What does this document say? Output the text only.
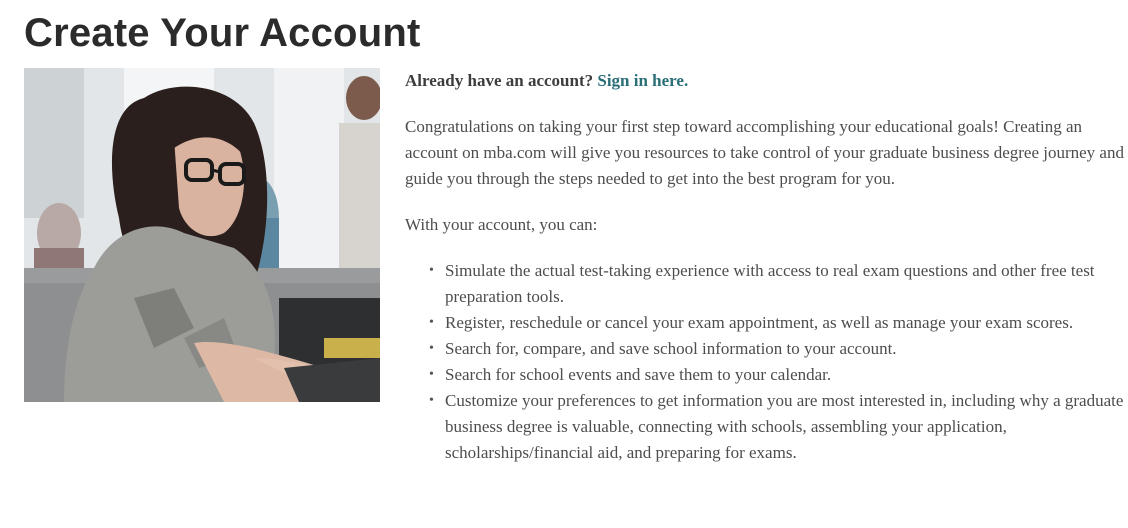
Create Your Account

Already have an account? Sign in here.

Congratulations on taking your first step toward accomplishing your educational goals! Creating an account on mba.com will give you resources to take control of your graduate business degree journey and guide you through the steps needed to get into the best program for you.

With your account, you can:

• Simulate the actual test-taking experience with access to real exam questions and other free test preparation tools.
• Register, reschedule or cancel your exam appointment, as well as manage your exam scores.
• Search for, compare, and save school information to your account.
• Search for school events and save them to your calendar.
• Customize your preferences to get information you are most interested in, including why a graduate business degree is valuable, connecting with schools, assembling your application, scholarships/financial aid, and preparing for exams.
